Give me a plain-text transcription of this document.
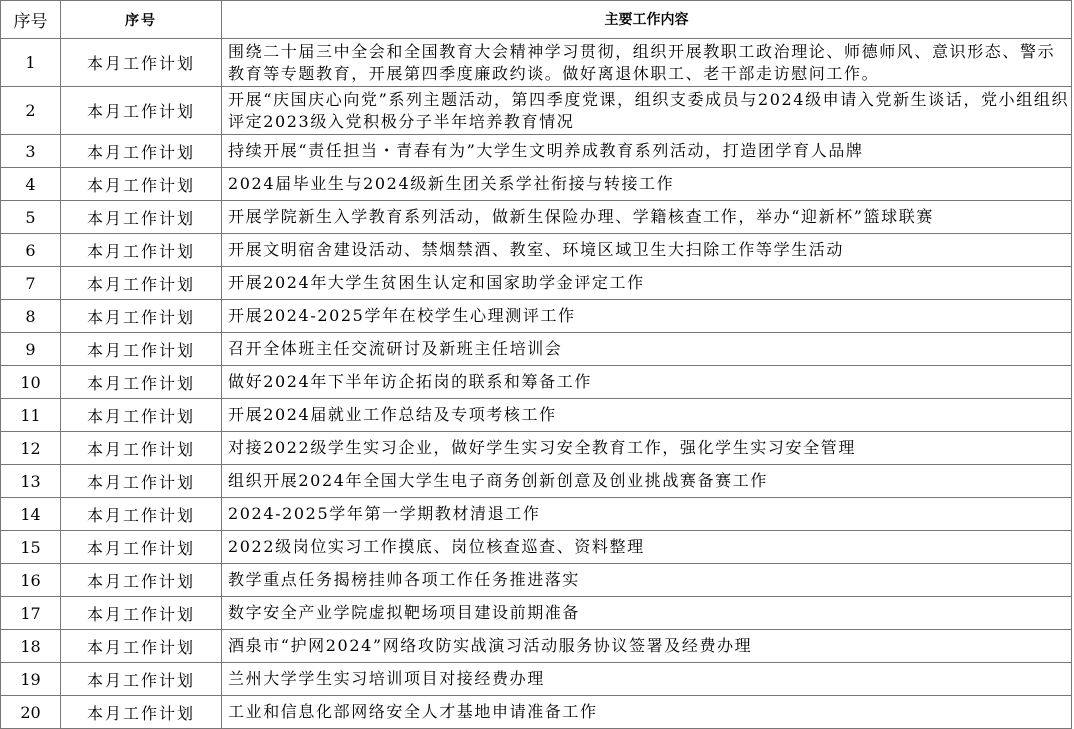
序号	序号	主要工作内容
1	本月工作计划	围绕二十届三中全会和全国教育大会精神学习贯彻，组织开展教职工政治理论、师德师风、意识形态、警示教育等专题教育，开展第四季度廉政约谈。做好离退休职工、老干部走访慰问工作。
2	本月工作计划	开展“庆国庆心向党”系列主题活动，第四季度党课，组织支委成员与2024级申请入党新生谈话，党小组组织评定2023级入党积极分子半年培养教育情况
3	本月工作计划	持续开展“责任担当・青春有为”大学生文明养成教育系列活动，打造团学育人品牌
4	本月工作计划	2024届毕业生与2024级新生团关系学社衔接与转接工作
5	本月工作计划	开展学院新生入学教育系列活动，做新生保险办理、学籍核查工作，举办“迎新杯”篮球联赛
6	本月工作计划	开展文明宿舍建设活动、禁烟禁酒、教室、环境区域卫生大扫除工作等学生活动
7	本月工作计划	开展2024年大学生贫困生认定和国家助学金评定工作
8	本月工作计划	开展2024-2025学年在校学生心理测评工作
9	本月工作计划	召开全体班主任交流研讨及新班主任培训会
10	本月工作计划	做好2024年下半年访企拓岗的联系和筹备工作
11	本月工作计划	开展2024届就业工作总结及专项考核工作
12	本月工作计划	对接2022级学生实习企业，做好学生实习安全教育工作，强化学生实习安全管理
13	本月工作计划	组织开展2024年全国大学生电子商务创新创意及创业挑战赛备赛工作
14	本月工作计划	2024-2025学年第一学期教材清退工作
15	本月工作计划	2022级岗位实习工作摸底、岗位核查巡查、资料整理
16	本月工作计划	教学重点任务揭榜挂帅各项工作任务推进落实
17	本月工作计划	数字安全产业学院虚拟靶场项目建设前期准备
18	本月工作计划	酒泉市“护网2024”网络攻防实战演习活动服务协议签署及经费办理
19	本月工作计划	兰州大学学生实习培训项目对接经费办理
20	本月工作计划	工业和信息化部网络安全人才基地申请准备工作
